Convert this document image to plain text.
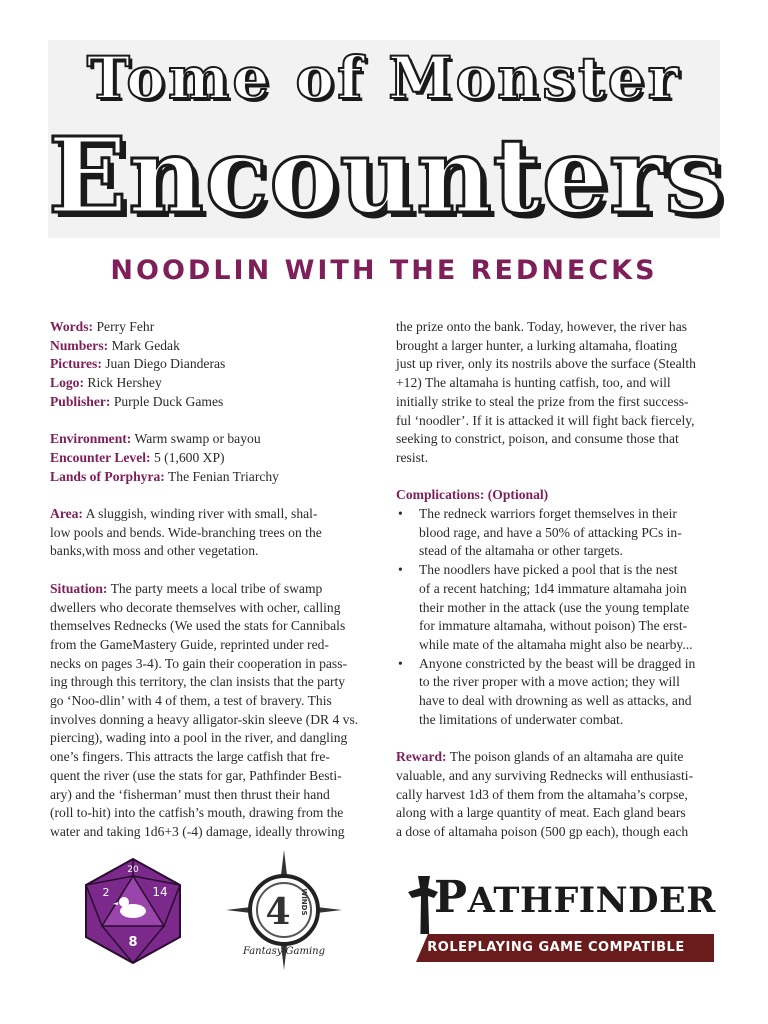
Tome of Monster
Encounters
NOODLIN WITH THE REDNECKS

Words: Perry Fehr
Numbers: Mark Gedak
Pictures: Juan Diego Dianderas
Logo: Rick Hershey
Publisher: Purple Duck Games

Environment: Warm swamp or bayou
Encounter Level: 5 (1,600 XP)
Lands of Porphyra: The Fenian Triarchy

Area: A sluggish, winding river with small, shal-
low pools and bends. Wide-branching trees on the
banks,with moss and other vegetation.

Situation: The party meets a local tribe of swamp
dwellers who decorate themselves with ocher, calling
themselves Rednecks (We used the stats for Cannibals
from the GameMastery Guide, reprinted under red-
necks on pages 3-4). To gain their cooperation in pass-
ing through this territory, the clan insists that the party
go ‘Noo-dlin’ with 4 of them, a test of bravery. This
involves donning a heavy alligator-skin sleeve (DR 4 vs.
piercing), wading into a pool in the river, and dangling
one’s fingers. This attracts the large catfish that fre-
quent the river (use the stats for gar, Pathfinder Besti-
ary) and the ‘fisherman’ must then thrust their hand
(roll to-hit) into the catfish’s mouth, drawing from the
water and taking 1d6+3 (-4) damage, ideally throwing

the prize onto the bank. Today, however, the river has
brought a larger hunter, a lurking altamaha, floating
just up river, only its nostrils above the surface (Stealth
+12) The altamaha is hunting catfish, too, and will
initially strike to steal the prize from the first success-
ful ‘noodler’. If it is attacked it will fight back fiercely,
seeking to constrict, poison, and consume those that
resist.

Complications: (Optional)
• The redneck warriors forget themselves in their
blood rage, and have a 50% of attacking PCs in-
stead of the altamaha or other targets.
• The noodlers have picked a pool that is the nest
of a recent hatching; 1d4 immature altamaha join
their mother in the attack (use the young template
for immature altamaha, without poison) The erst-
while mate of the altamaha might also be nearby...
• Anyone constricted by the beast will be dragged in
to the river proper with a move action; they will
have to deal with drowning as well as attacks, and
the limitations of underwater combat.

Reward: The poison glands of an altamaha are quite
valuable, and any surviving Rednecks will enthusiasti-
cally harvest 1d3 of them from the altamaha’s corpse,
along with a large quantity of meat. Each gland bears
a dose of altamaha poison (500 gp each), though each

14
8
2
20
4 WINDS
Fantasy Gaming
PATHFINDER
ROLEPLAYING GAME COMPATIBLE
